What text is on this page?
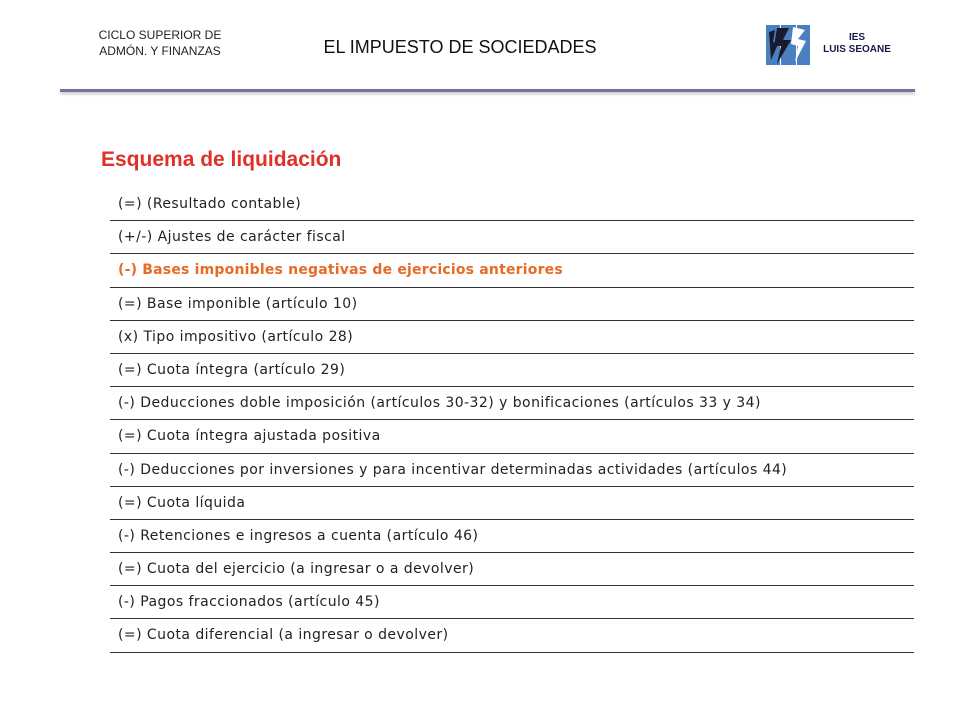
CICLO SUPERIOR DE
ADMÓN. Y FINANZAS	EL IMPUESTO DE SOCIEDADES	IES
LUIS SEOANE
Esquema de liquidación
(=) (Resultado contable)
(+/-) Ajustes de carácter fiscal
(-) Bases imponibles negativas de ejercicios anteriores
(=) Base imponible (artículo 10)
(x) Tipo impositivo (artículo 28)
(=) Cuota íntegra (artículo 29)
(-) Deducciones doble imposición (artículos 30-32) y bonificaciones (artículos 33 y 34)
(=) Cuota íntegra ajustada positiva
(-) Deducciones por inversiones y para incentivar determinadas actividades (artículos 44)
(=) Cuota líquida
(-) Retenciones e ingresos a cuenta (artículo 46)
(=) Cuota del ejercicio (a ingresar o a devolver)
(-) Pagos fraccionados (artículo 45)
(=) Cuota diferencial (a ingresar o devolver)
